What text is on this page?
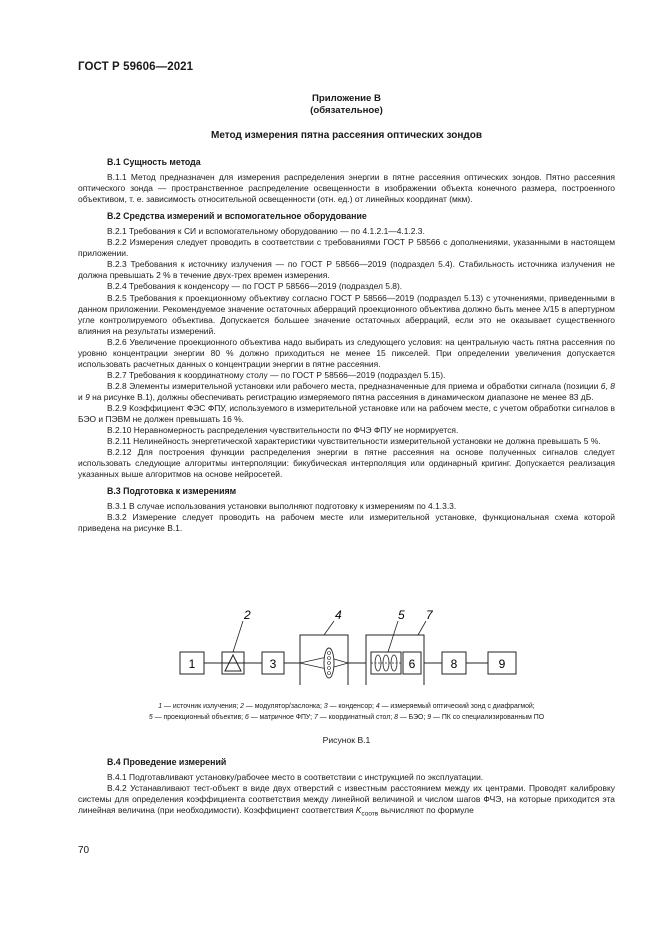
ГОСТ Р 59606—2021
Приложение В
(обязательное)
Метод измерения пятна рассеяния оптических зондов
В.1 Сущность метода

В.1.1 Метод предназначен для измерения распределения энергии в пятне рассеяния оптических зондов. Пятно рассеяния оптического зонда — пространственное распределение освещенности в изображении объекта конечного размера, построенного объективом, т. е. зависимость относительной освещенности (отн. ед.) от линейных координат (мкм).

В.2 Средства измерений и вспомогательное оборудование

В.2.1 Требования к СИ и вспомогательному оборудованию — по 4.1.2.1—4.1.2.3.

В.2.2 Измерения следует проводить в соответствии с требованиями ГОСТ Р 58566 с дополнениями, указанными в настоящем приложении.

В.2.3 Требования к источнику излучения — по ГОСТ Р 58566—2019 (подраздел 5.4). Стабильность источника излучения не должна превышать 2 % в течение двух-трех времен измерения.

В.2.4 Требования к конденсору — по ГОСТ Р 58566—2019 (подраздел 5.8).

В.2.5 Требования к проекционному объективу согласно ГОСТ Р 58566—2019 (подраздел 5.13) с уточнениями, приведенными в данном приложении. Рекомендуемое значение остаточных аберраций проекционного объектива должно быть менее λ/15 в апертурном угле контролируемого объектива. Допускается большее значение остаточных аберраций, если это не оказывает существенного влияния на результаты измерений.

В.2.6 Увеличение проекционного объектива надо выбирать из следующего условия: на центральную часть пятна рассеяния по уровню концентрации энергии 80 % должно приходиться не менее 15 пикселей. При определении увеличения допускается использовать расчетных данных о концентрации энергии в пятне рассеяния.

В.2.7 Требования к координатному столу — по ГОСТ Р 58566—2019 (подраздел 5.15).

В.2.8 Элементы измерительной установки или рабочего места, предназначенные для приема и обработки сигнала (позиции 6, 8 и 9 на рисунке В.1), должны обеспечивать регистрацию измеряемого пятна рассеяния в динамическом диапазоне не менее 83 дБ.

В.2.9 Коэффициент ФЭС ФПУ, используемого в измерительной установке или на рабочем месте, с учетом обработки сигналов в БЭО и ПЭВМ не должен превышать 16 %.

В.2.10 Неравномерность распределения чувствительности по ФЧЭ ФПУ не нормируется.

В.2.11 Нелинейность энергетической характеристики чувствительности измерительной установки не должна превышать 5 %.

В.2.12 Для построения функции распределения энергии в пятне рассеяния на основе полученных сигналов следует использовать следующие алгоритмы интерполяции: бикубическая интерполяция или ординарный кригинг. Допускается реализация указанных выше алгоритмов на основе нейросетей.

В.3 Подготовка к измерениям

В.3.1 В случае использования установки выполняют подготовку к измерениям по 4.1.3.3.

В.3.2 Измерение следует проводить на рабочем месте или измерительной установке, функциональная схема которой приведена на рисунке В.1.

1
2
3
4	7
5
6	8	9
1 — источник излучения; 2 — модулятор/заслонка; 3 — конденсор; 4 — измеряемый оптический зонд с диафрагмой;
5 — проекционный объектив; 6 — матричное ФПУ; 7 — координатный стол; 8 — БЭО; 9 — ПК со специализированным ПО
Рисунок В.1
В.4 Проведение измерений

В.4.1 Подготавливают установку/рабочее место в соответствии с инструкцией по эксплуатации.

В.4.2 Устанавливают тест-объект в виде двух отверстий с известным расстоянием между их центрами. Проводят калибровку системы для определения коэффициента соответствия между линейной величиной и числом шагов ФЧЭ, на которые приходится эта линейная величина (при необходимости). Коэффициент соответствия $K_{соотв}$ вычисляют по формуле

70
